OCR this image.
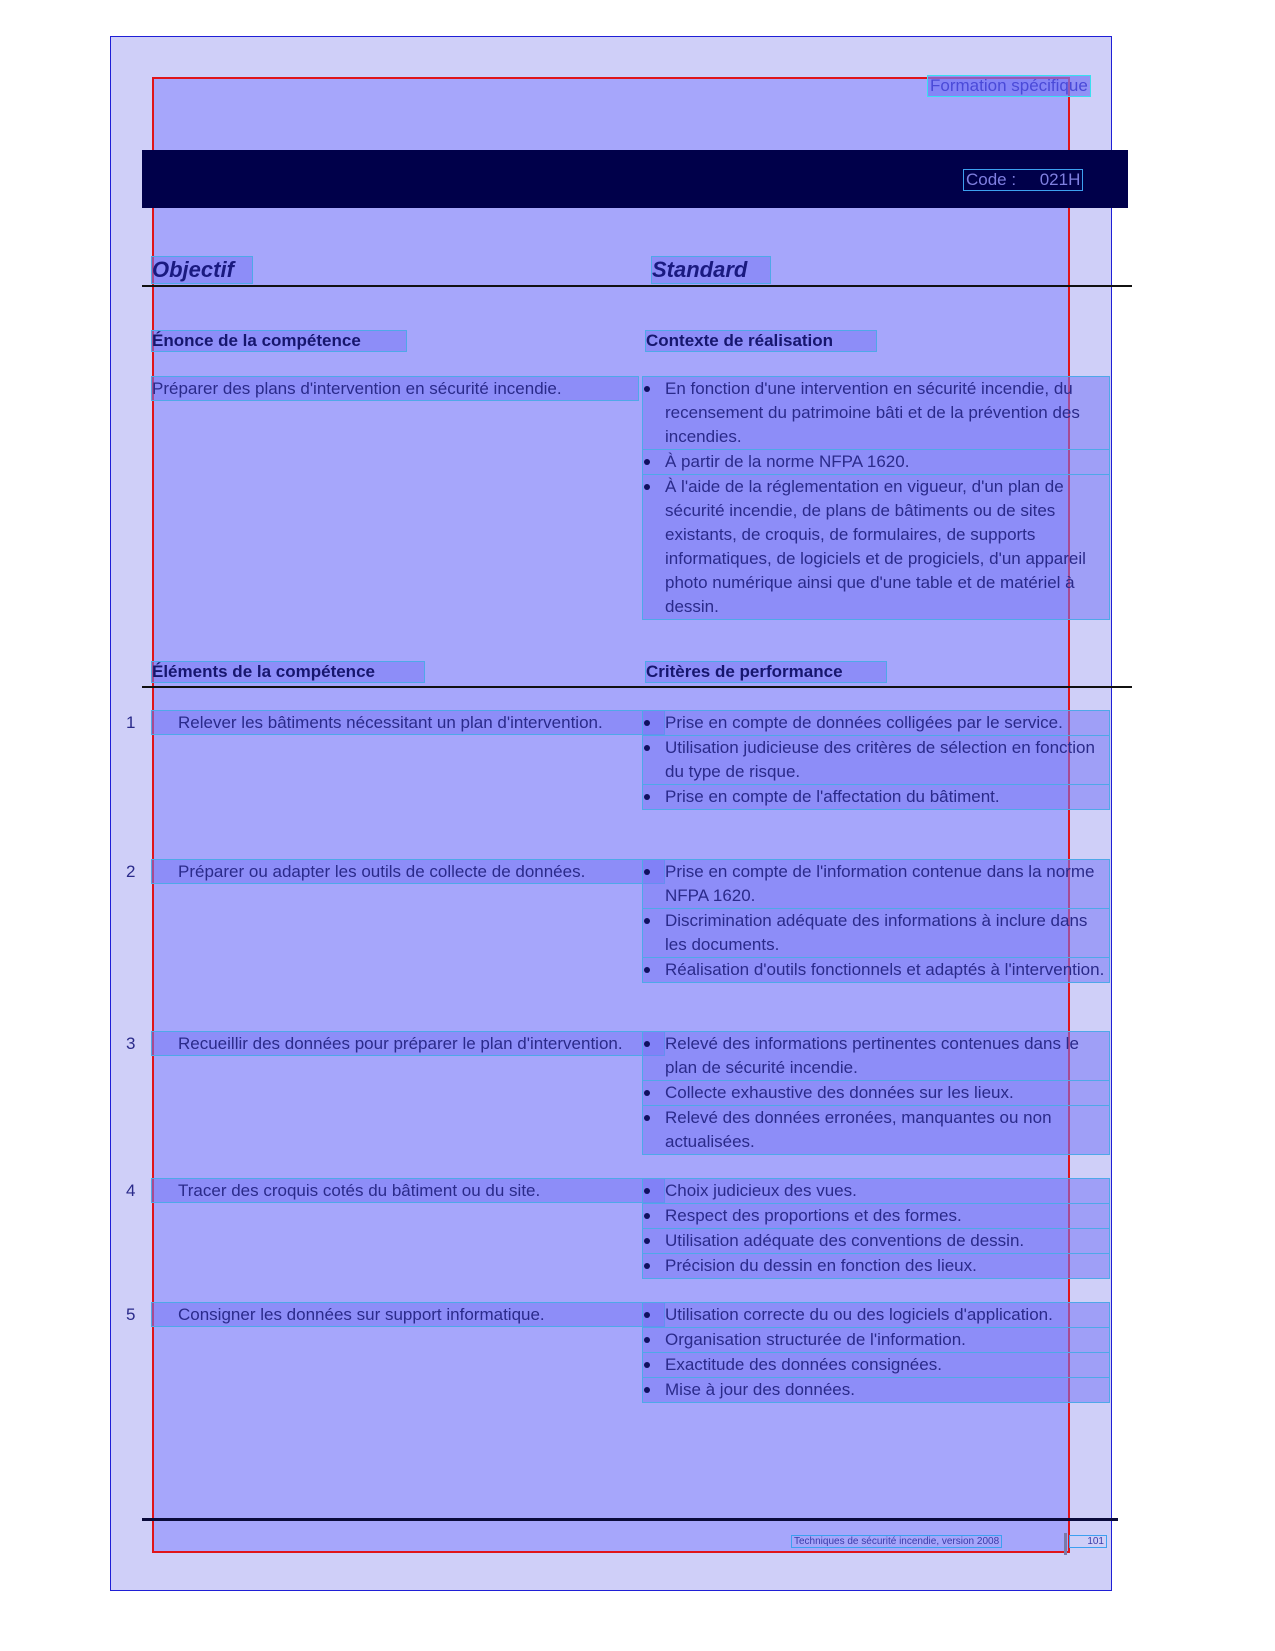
Formation spécifique
Code :     021H
Objectif	Standard
Énonce de la compétence	Contexte de réalisation
Préparer des plans d'intervention en sécurité incendie.	En fonction d'une intervention en sécurité incendie, du recensement du patrimoine bâti et de la prévention des incendies.
À partir de la norme NFPA 1620.
À l'aide de la réglementation en vigueur, d'un plan de sécurité incendie, de plans de bâtiments ou de sites existants, de croquis, de formulaires, de supports informatiques, de logiciels et de progiciels, d'un appareil photo numérique ainsi que d'une table et de matériel à dessin.
Éléments de la compétence	Critères de performance
1	Relever les bâtiments nécessitant un plan d'intervention.	Prise en compte de données colligées par le service.
Utilisation judicieuse des critères de sélection en fonction du type de risque.
Prise en compte de l'affectation du bâtiment.
2	Préparer ou adapter les outils de collecte de données.	Prise en compte de l'information contenue dans la norme NFPA 1620.
Discrimination adéquate des informations à inclure dans les documents.
Réalisation d'outils fonctionnels et adaptés à l'intervention.
3	Recueillir des données pour préparer le plan d'intervention.	Relevé des informations pertinentes contenues dans le plan de sécurité incendie.
Collecte exhaustive des données sur les lieux.
Relevé des données erronées, manquantes ou non actualisées.
4	Tracer des croquis cotés du bâtiment ou du site.	Choix judicieux des vues.
Respect des proportions et des formes.
Utilisation adéquate des conventions de dessin.
Précision du dessin en fonction des lieux.
5	Consigner les données sur support informatique.	Utilisation correcte du ou des logiciels d'application.
Organisation structurée de l'information.
Exactitude des données consignées.
Mise à jour des données.
Techniques de sécurité incendie, version 2008	101
